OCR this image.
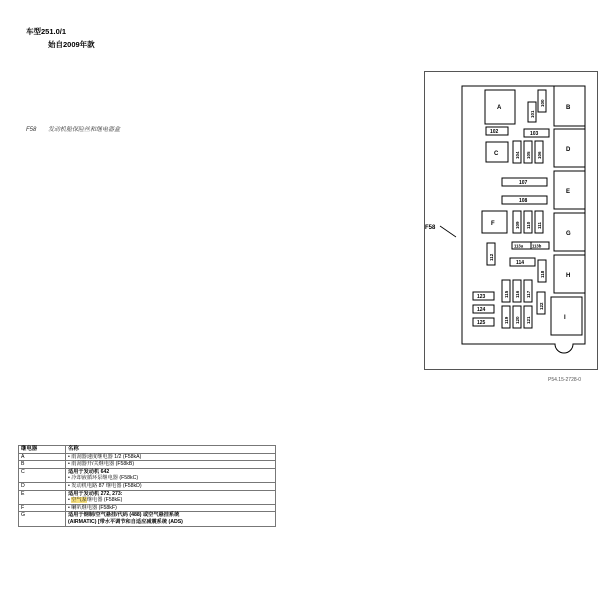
车型251.0/1
始自2009年款
F58 发动机舱保险丝和继电器盒
F58
A
100
101
B
102	103
C	104 105 106
D
107
108
E
F	109 110 111
G
112
113a 113b
114
118	H
115 116 117
122
123
124
125	119 120 121	I
P54.15-2728-0
继电器	名称
A	• 雨刮器速度继电器 1/2 (F58kA)
B	• 雨刮器开/关继电器 (F58kB)
C	适用于发动机 642
• 冷却液循环泵继电器 (F58kC)

D	• 发动机电路 87 继电器 (F58kD)
E	适用于发动机 272, 273:
• 空气泵继电器 (F58kE)

F	• 喇叭继电器 (F58kF)
G	适用于钢制/空气悬挂/代码 (488) 或空气悬挂系统
(AIRMATIC) [带水平调节和自适应减震系统 (ADS)
